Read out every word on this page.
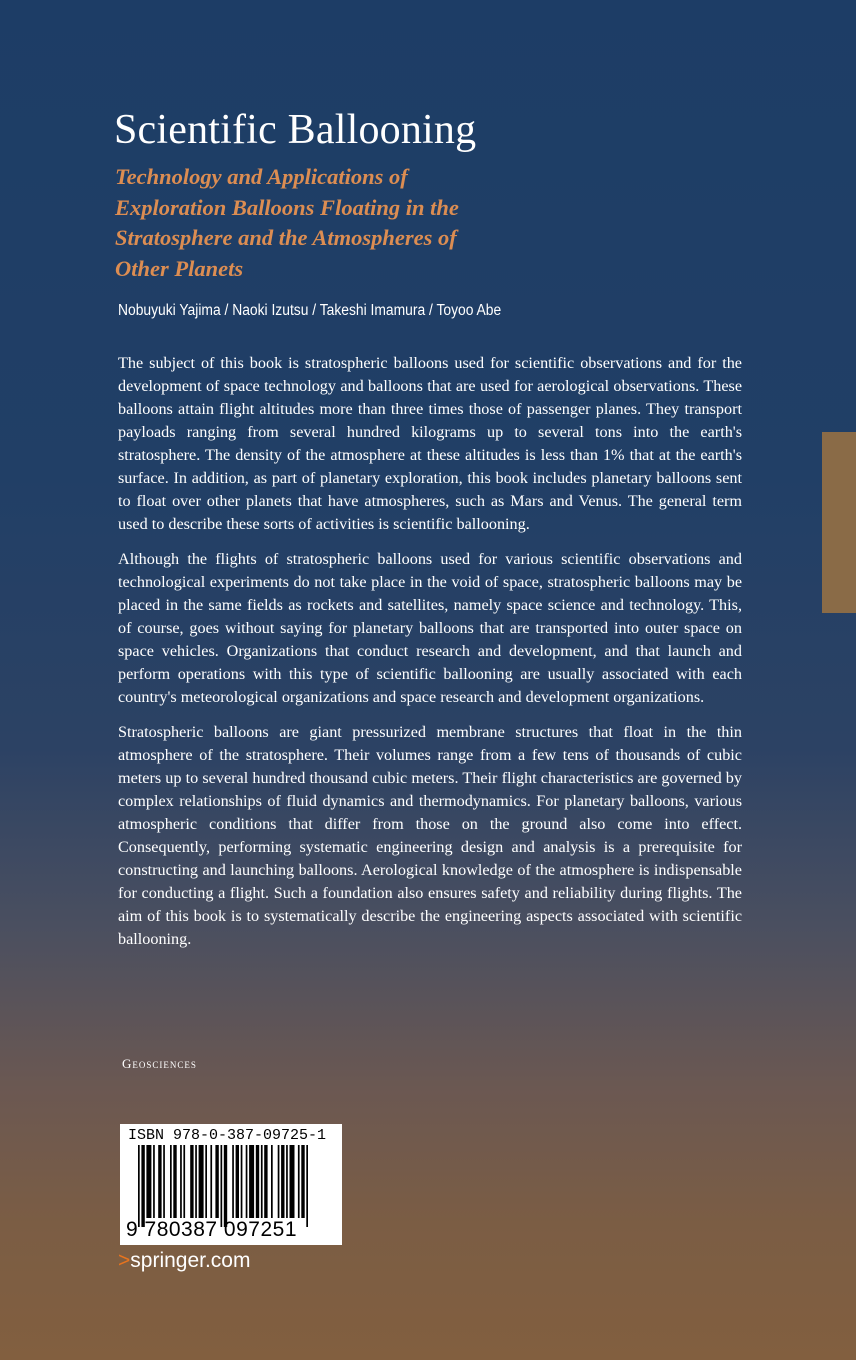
Scientific Ballooning
Technology and Applications of Exploration Balloons Floating in the Stratosphere and the Atmospheres of Other Planets
Nobuyuki Yajima / Naoki Izutsu / Takeshi Imamura / Toyoo Abe

The subject of this book is stratospheric balloons used for scientific observations and for the development of space technology and balloons that are used for aerological observations. These balloons attain flight altitudes more than three times those of passenger planes. They transport payloads ranging from several hundred kilograms up to several tons into the earth's stratosphere. The density of the atmosphere at these altitudes is less than 1% that at the earth's surface. In addition, as part of planetary exploration, this book includes planetary balloons sent to float over other planets that have atmospheres, such as Mars and Venus. The general term used to describe these sorts of activities is scientific ballooning.

Although the flights of stratospheric balloons used for various scientific observations and technological experiments do not take place in the void of space, stratospheric balloons may be placed in the same fields as rockets and satellites, namely space science and technology. This, of course, goes without saying for planetary balloons that are transported into outer space on space vehicles. Organizations that conduct research and development, and that launch and perform operations with this type of scientific ballooning are usually associated with each country's meteorological organizations and space research and development organizations.

Stratospheric balloons are giant pressurized membrane structures that float in the thin atmosphere of the stratosphere. Their volumes range from a few tens of thousands of cubic meters up to several hundred thousand cubic meters. Their flight characteristics are governed by complex relationships of fluid dynamics and thermodynamics. For planetary balloons, various atmospheric conditions that differ from those on the ground also come into effect. Consequently, performing systematic engineering design and analysis is a prerequisite for constructing and launching balloons. Aerological knowledge of the atmosphere is indispensable for conducting a flight. Such a foundation also ensures safety and reliability during flights. The aim of this book is to systematically describe the engineering aspects associated with scientific ballooning.

Geosciences
ISBN 978-0-387-09725-1
9 780387 097251
>springer.com
